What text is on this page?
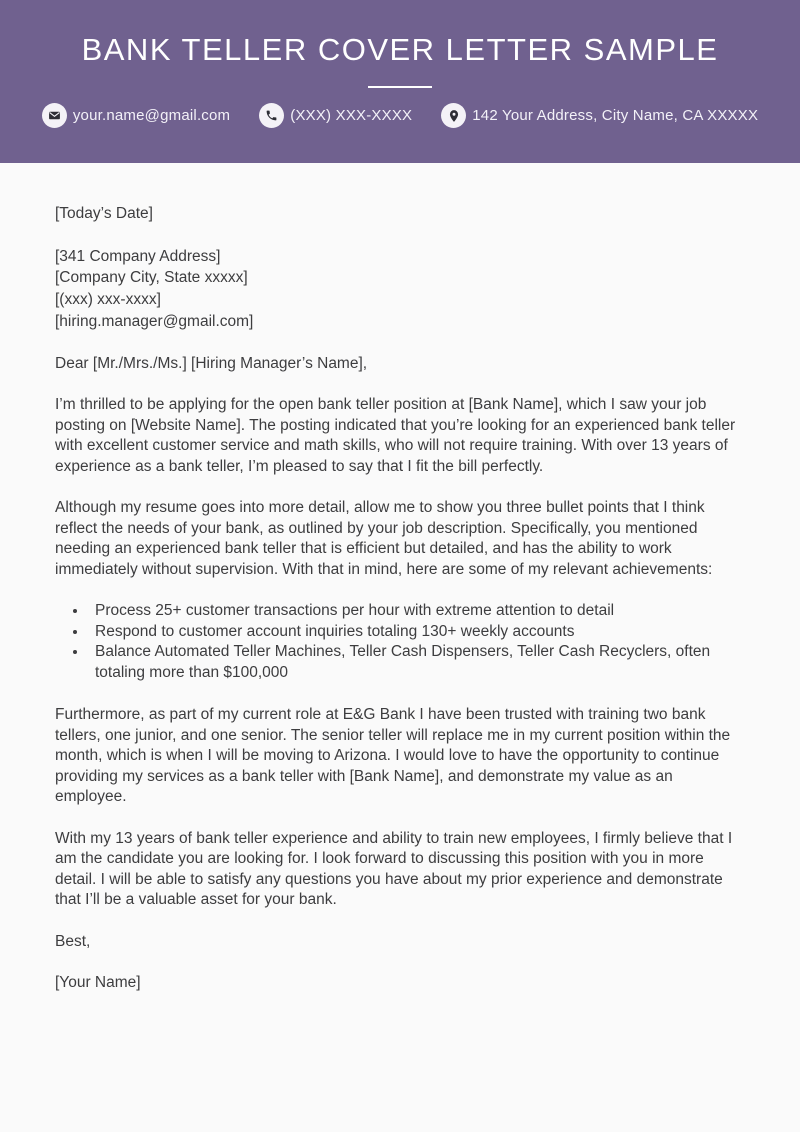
BANK TELLER COVER LETTER SAMPLE
your.name@gmail.com	(XXX) XXX-XXXX	142 Your Address, City Name, CA XXXXX

[Today’s Date]

[341 Company Address]

[Company City, State xxxxx]

[(xxx) xxx-xxxx]

[hiring.manager@gmail.com]

Dear [Mr./Mrs./Ms.] [Hiring Manager’s Name],

I’m thrilled to be applying for the open bank teller position at [Bank Name], which I saw your job posting on [Website Name]. The posting indicated that you’re looking for an experienced bank teller with excellent customer service and math skills, who will not require training. With over 13 years of experience as a bank teller, I’m pleased to say that I fit the bill perfectly.

Although my resume goes into more detail, allow me to show you three bullet points that I think reflect the needs of your bank, as outlined by your job description. Specifically, you mentioned needing an experienced bank teller that is efficient but detailed, and has the ability to work immediately without supervision. With that in mind, here are some of my relevant achievements:

• Process 25+ customer transactions per hour with extreme attention to detail
• Respond to customer account inquiries totaling 130+ weekly accounts
• Balance Automated Teller Machines, Teller Cash Dispensers, Teller Cash Recyclers, often totaling more than $100,000

Furthermore, as part of my current role at E&G Bank I have been trusted with training two bank tellers, one junior, and one senior. The senior teller will replace me in my current position within the month, which is when I will be moving to Arizona. I would love to have the opportunity to continue providing my services as a bank teller with [Bank Name], and demonstrate my value as an employee.

With my 13 years of bank teller experience and ability to train new employees, I firmly believe that I am the candidate you are looking for. I look forward to discussing this position with you in more detail. I will be able to satisfy any questions you have about my prior experience and demonstrate that I’ll be a valuable asset for your bank.

Best,

[Your Name]
